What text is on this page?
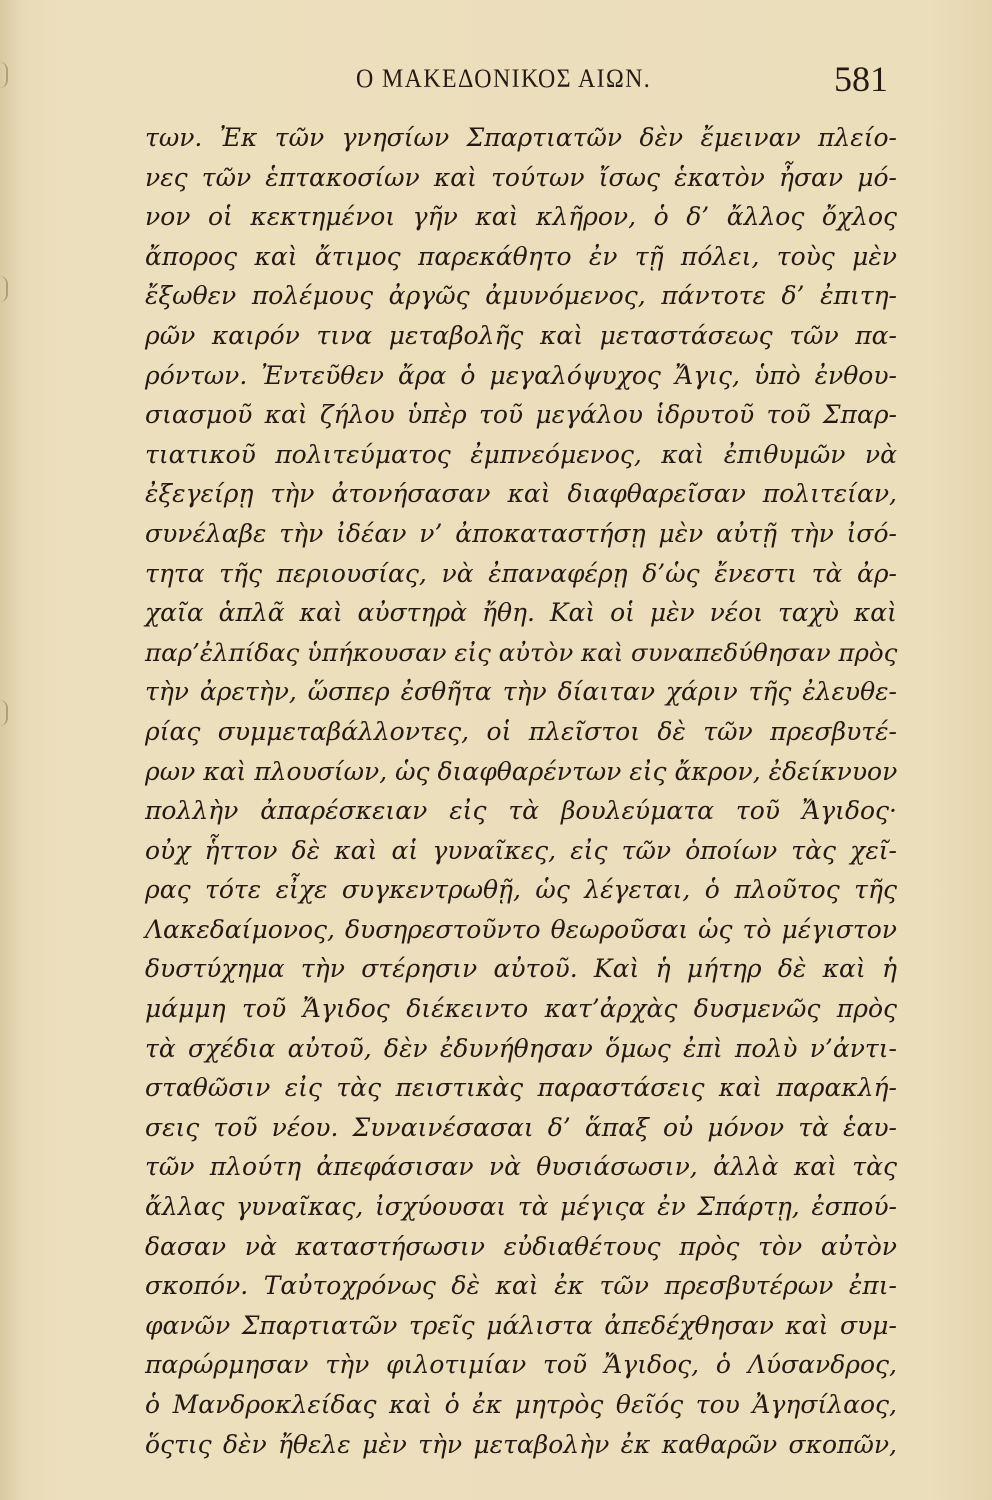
Ο ΜΑΚΕΔΟΝΙΚΟΣ ΑΙΩΝ.	581
των. Ἐκ τῶν γνησίων Σπαρτιατῶν δὲν ἔμειναν πλείο-
νες τῶν ἑπτακοσίων καὶ τούτων ἴσως ἑκατὸν ἦσαν μό-
νον οἱ κεκτημένοι γῆν καὶ κλῆρον, ὁ δ’ ἄλλος ὄχλος
ἄπορος καὶ ἄτιμος παρεκάθητο ἐν τῇ πόλει, τοὺς μὲν
ἔξωθεν πολέμους ἀργῶς ἀμυνόμενος, πάντοτε δ’ ἐπιτη-
ρῶν καιρόν τινα μεταβολῆς καὶ μεταστάσεως τῶν πα-
ρόντων. Ἐντεῦθεν ἄρα ὁ μεγαλόψυχος Ἄγις, ὑπὸ ἐνθου-
σιασμοῦ καὶ ζήλου ὑπὲρ τοῦ μεγάλου ἱδρυτοῦ τοῦ Σπαρ-
τιατικοῦ πολιτεύματος ἐμπνεόμενος, καὶ ἐπιθυμῶν νὰ
ἐξεγείρῃ τὴν ἀτονήσασαν καὶ διαφθαρεῖσαν πολιτείαν,
συνέλαβε τὴν ἰδέαν ν’ ἀποκαταστήσῃ μὲν αὐτῇ τὴν ἰσό-
τητα τῆς περιουσίας, νὰ ἐπαναφέρῃ δ’ὡς ἔνεστι τὰ ἀρ-
χαῖα ἁπλᾶ καὶ αὐστηρὰ ἤθη. Καὶ οἱ μὲν νέοι ταχὺ καὶ
παρ’ἐλπίδας ὑπήκουσαν εἰς αὐτὸν καὶ συναπεδύθησαν πρὸς
τὴν ἀρετὴν, ὥσπερ ἐσθῆτα τὴν δίαιταν χάριν τῆς ἐλευθε-
ρίας συμμεταβάλλοντες, οἱ πλεῖστοι δὲ τῶν πρεσβυτέ-
ρων καὶ πλουσίων, ὡς διαφθαρέντων εἰς ἄκρον, ἐδείκνυον
πολλὴν ἀπαρέσκειαν εἰς τὰ βουλεύματα τοῦ Ἄγιδος·
οὐχ ἧττον δὲ καὶ αἱ γυναῖκες, εἰς τῶν ὁποίων τὰς χεῖ-
ρας τότε εἶχε συγκεντρωθῇ, ὡς λέγεται, ὁ πλοῦτος τῆς
Λακεδαίμονος, δυσηρεστοῦντο θεωροῦσαι ὡς τὸ μέγιστον
δυστύχημα τὴν στέρησιν αὐτοῦ. Καὶ ἡ μήτηρ δὲ καὶ ἡ
μάμμη τοῦ Ἄγιδος διέκειντο κατ’ἀρχὰς δυσμενῶς πρὸς
τὰ σχέδια αὐτοῦ, δὲν ἐδυνήθησαν ὅμως ἐπὶ πολὺ ν’ἀντι-
σταθῶσιν εἰς τὰς πειστικὰς παραστάσεις καὶ παρακλή-
σεις τοῦ νέου. Συναινέσασαι δ’ ἅπαξ οὐ μόνον τὰ ἑαυ-
τῶν πλούτη ἀπεφάσισαν νὰ θυσιάσωσιν, ἀλλὰ καὶ τὰς
ἄλλας γυναῖκας, ἰσχύουσαι τὰ μέγιςα ἐν Σπάρτῃ, ἐσπού-
δασαν νὰ καταστήσωσιν εὐδιαθέτους πρὸς τὸν αὐτὸν
σκοπόν. Ταὐτοχρόνως δὲ καὶ ἐκ τῶν πρεσβυτέρων ἐπι-
φανῶν Σπαρτιατῶν τρεῖς μάλιστα ἀπεδέχθησαν καὶ συμ-
παρώρμησαν τὴν φιλοτιμίαν τοῦ Ἄγιδος, ὁ Λύσανδρος,
ὁ Μανδροκλείδας καὶ ὁ ἐκ μητρὸς θεῖός του Ἀγησίλαος,
ὅςτις δὲν ἤθελε μὲν τὴν μεταβολὴν ἐκ καθαρῶν σκοπῶν,
